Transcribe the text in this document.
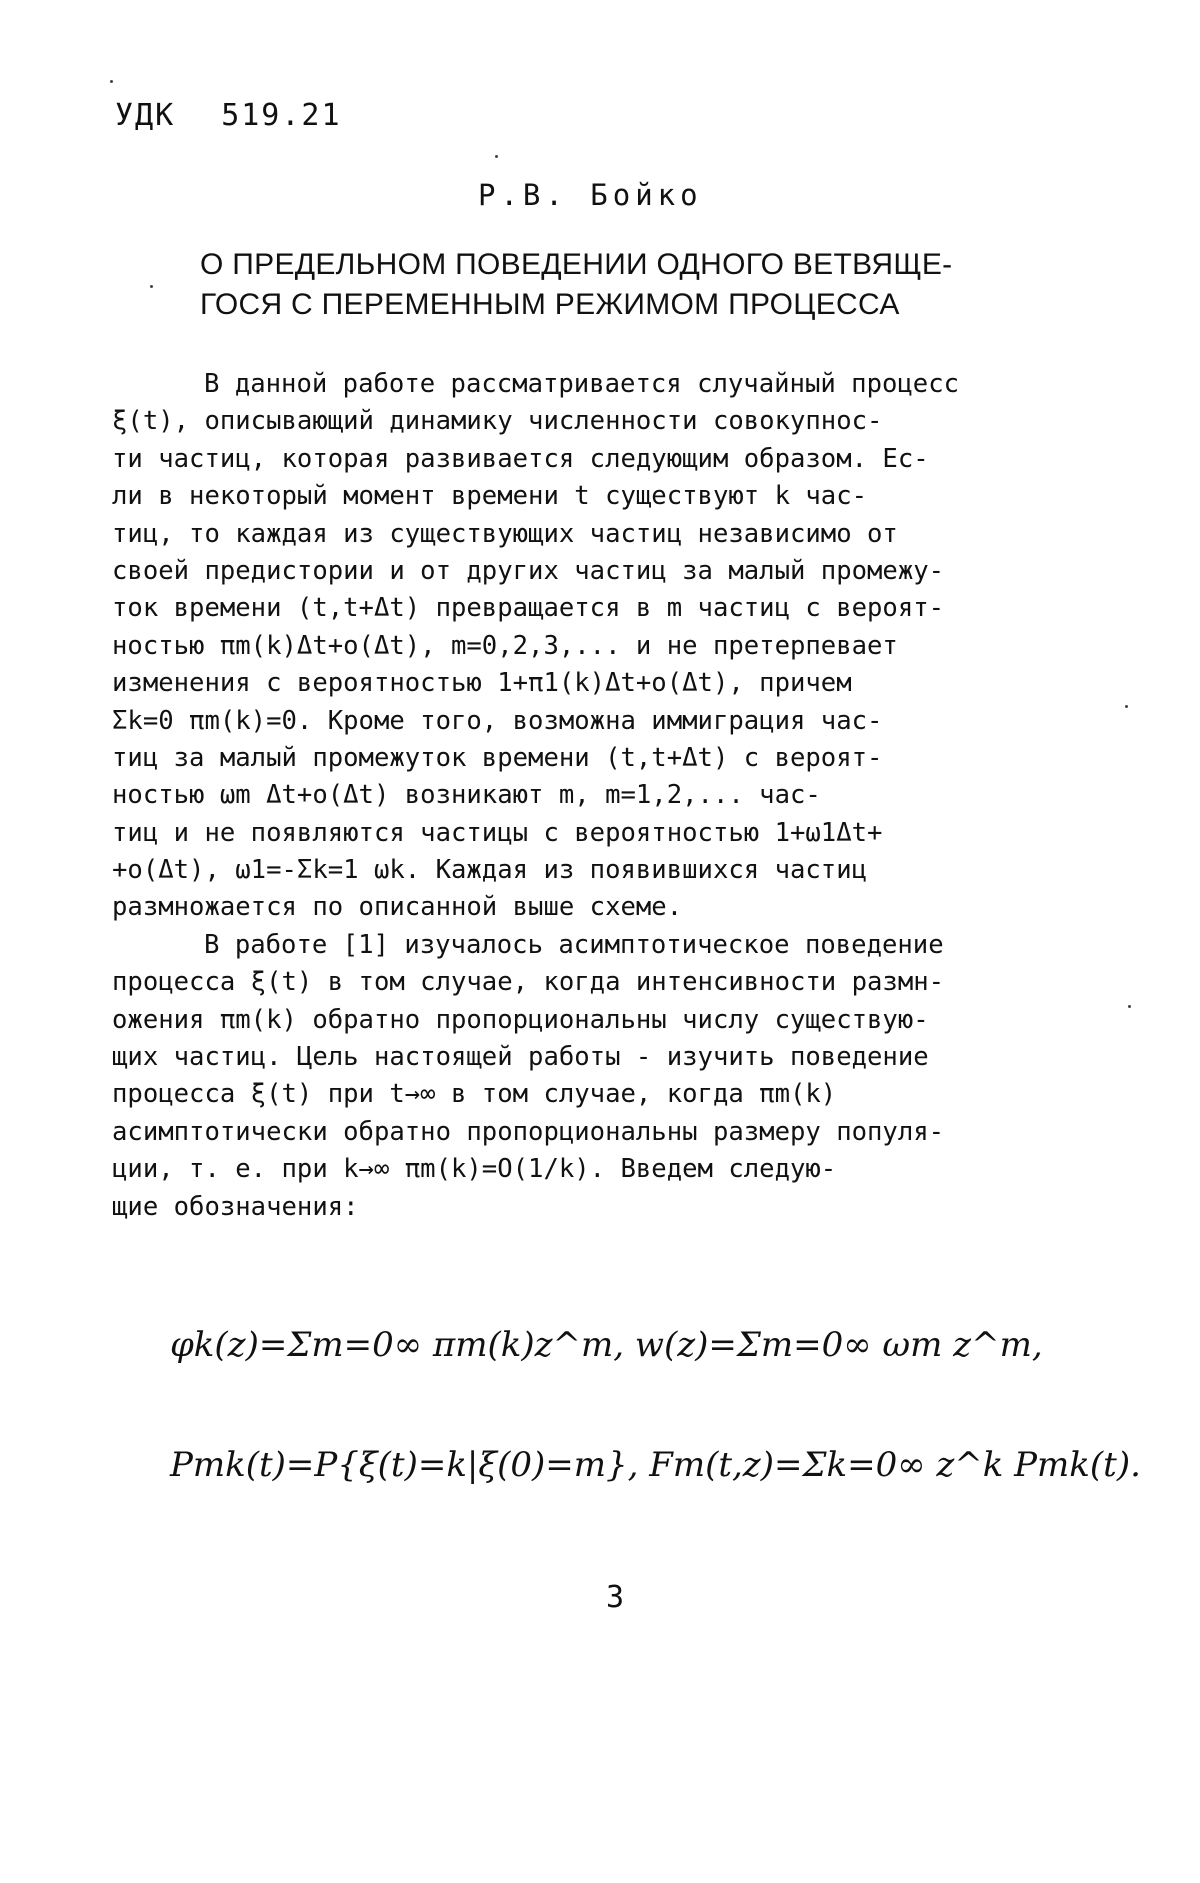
УДК 519.21
Р.В. Бойко
О ПРЕДЕЛЬНОМ ПОВЕДЕНИИ ОДНОГО ВЕТВЯЩЕ-
ГОСЯ С ПЕРЕМЕННЫМ РЕЖИМОМ ПРОЦЕССА
В данной работе рассматривается случайный процесс
ξ(t), описывающий динамику численности совокупнос-
ти частиц, которая развивается следующим образом. Ес-
ли в некоторый момент времени t существуют k час-
тиц, то каждая из существующих частиц независимо от
своей предистории и от других частиц за малый промежу-
ток времени (t,t+Δt) превращается в m частиц с вероят-
ностью πm(k)Δt+o(Δt), m=0,2,3,... и не претерпевает
изменения с вероятностью 1+π1(k)Δt+o(Δt), причем
Σk=0 πm(k)=0. Кроме того, возможна иммиграция час-
тиц за малый промежуток времени (t,t+Δt) с вероят-
ностью ωm Δt+o(Δt) возникают m, m=1,2,... час-
тиц и не появляются частицы с вероятностью 1+ω1Δt+
+o(Δt), ω1=-Σk=1 ωk. Каждая из появившихся частиц
размножается по описанной выше схеме.
В работе [1] изучалось асимптотическое поведение
процесса ξ(t) в том случае, когда интенсивности размн-
ожения πm(k) обратно пропорциональны числу существую-
щих частиц. Цель настоящей работы - изучить поведение
процесса ξ(t) при t→∞ в том случае, когда πm(k)
асимптотически обратно пропорциональны размеру популя-
ции, т. е. при k→∞ πm(k)=O(1/k). Введем следую-
щие обозначения:
φk(z)=Σm=0∞ πm(k)z^m, w(z)=Σm=0∞ ωm z^m,
Pmk(t)=P{ξ(t)=k|ξ(0)=m}, Fm(t,z)=Σk=0∞ z^k Pmk(t).
3
